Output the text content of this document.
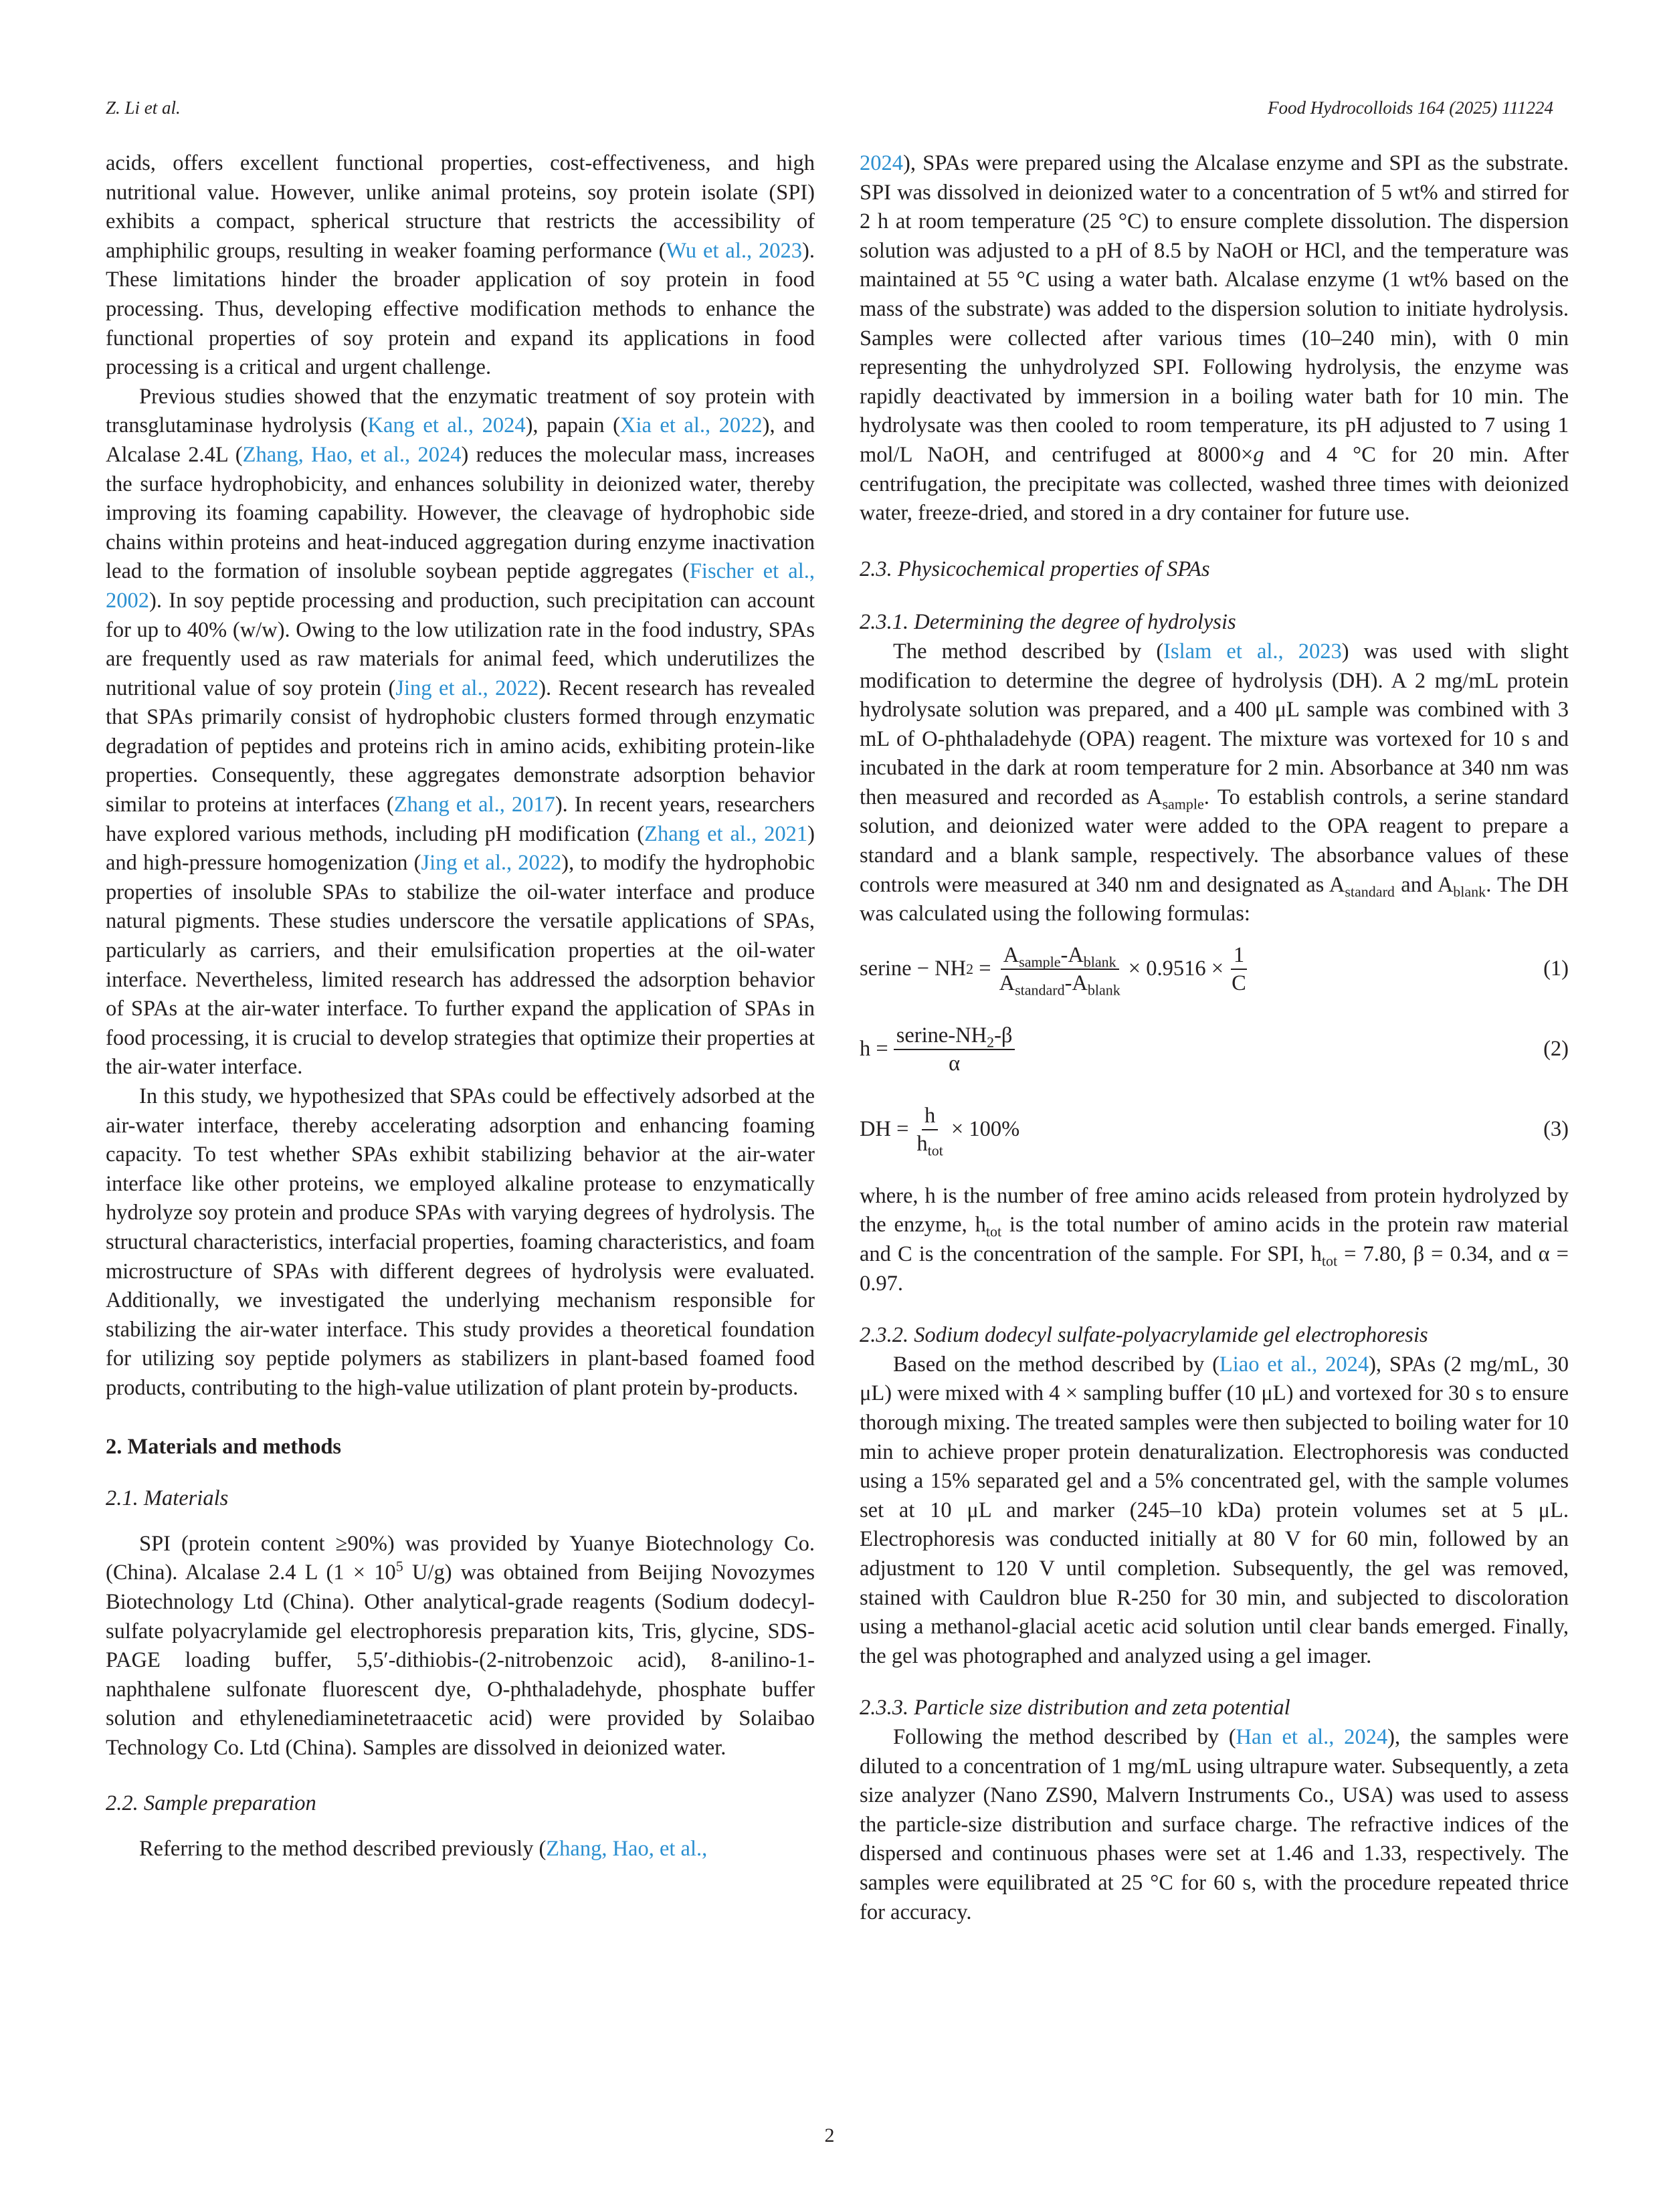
Z. Li et al.	Food Hydrocolloids 164 (2025) 111224

acids, offers excellent functional properties, cost-effectiveness, and high nutritional value. However, unlike animal proteins, soy protein isolate (SPI) exhibits a compact, spherical structure that restricts the accessibility of amphiphilic groups, resulting in weaker foaming performance (Wu et al., 2023). These limitations hinder the broader application of soy protein in food processing. Thus, developing effective modification methods to enhance the functional properties of soy protein and expand its applications in food processing is a critical and urgent challenge.

Previous studies showed that the enzymatic treatment of soy protein with transglutaminase hydrolysis (Kang et al., 2024), papain (Xia et al., 2022), and Alcalase 2.4L (Zhang, Hao, et al., 2024) reduces the molecular mass, increases the surface hydrophobicity, and enhances solubility in deionized water, thereby improving its foaming capability. However, the cleavage of hydrophobic side chains within proteins and heat-induced aggregation during enzyme inactivation lead to the formation of insoluble soybean peptide aggregates (Fischer et al., 2002). In soy peptide processing and production, such precipitation can account for up to 40% (w/w). Owing to the low utilization rate in the food industry, SPAs are frequently used as raw materials for animal feed, which underutilizes the nutritional value of soy protein (Jing et al., 2022). Recent research has revealed that SPAs primarily consist of hydrophobic clusters formed through enzymatic degradation of peptides and proteins rich in amino acids, exhibiting protein-like properties. Consequently, these aggregates demonstrate adsorption behavior similar to proteins at interfaces (Zhang et al., 2017). In recent years, researchers have explored various methods, including pH modification (Zhang et al., 2021) and high-pressure homogenization (Jing et al., 2022), to modify the hydrophobic properties of insoluble SPAs to stabilize the oil-water interface and produce natural pigments. These studies underscore the versatile applications of SPAs, particularly as carriers, and their emulsification properties at the oil-water interface. Nevertheless, limited research has addressed the adsorption behavior of SPAs at the air-water interface. To further expand the application of SPAs in food processing, it is crucial to develop strategies that optimize their properties at the air-water interface.

In this study, we hypothesized that SPAs could be effectively adsorbed at the air-water interface, thereby accelerating adsorption and enhancing foaming capacity. To test whether SPAs exhibit stabilizing behavior at the air-water interface like other proteins, we employed alkaline protease to enzymatically hydrolyze soy protein and produce SPAs with varying degrees of hydrolysis. The structural characteristics, interfacial properties, foaming characteristics, and foam microstructure of SPAs with different degrees of hydrolysis were evaluated. Additionally, we investigated the underlying mechanism responsible for stabilizing the air-water interface. This study provides a theoretical foundation for utilizing soy peptide polymers as stabilizers in plant-based foamed food products, contributing to the high-value utilization of plant protein by-products.

2. Materials and methods
2.1. Materials

SPI (protein content ≥90%) was provided by Yuanye Biotechnology Co. (China). Alcalase 2.4 L ($1 \times 10^5$ U/g) was obtained from Beijing Novozymes Biotechnology Ltd (China). Other analytical-grade reagents (Sodium dodecyl-sulfate polyacrylamide gel electrophoresis preparation kits, Tris, glycine, SDS-PAGE loading buffer, 5,5′-dithiobis-(2-nitrobenzoic acid), 8-anilino-1-naphthalene sulfonate fluorescent dye, O-phthaladehyde, phosphate buffer solution and ethylenediaminetetraacetic acid) were provided by Solaibao Technology Co. Ltd (China). Samples are dissolved in deionized water.

2.2. Sample preparation

Referring to the method described previously (Zhang, Hao, et al.,

2024), SPAs were prepared using the Alcalase enzyme and SPI as the substrate. SPI was dissolved in deionized water to a concentration of 5 wt% and stirred for 2 h at room temperature (25 °C) to ensure complete dissolution. The dispersion solution was adjusted to a pH of 8.5 by NaOH or HCl, and the temperature was maintained at 55 °C using a water bath. Alcalase enzyme (1 wt% based on the mass of the substrate) was added to the dispersion solution to initiate hydrolysis. Samples were collected after various times (10–240 min), with 0 min representing the unhydrolyzed SPI. Following hydrolysis, the enzyme was rapidly deactivated by immersion in a boiling water bath for 10 min. The hydrolysate was then cooled to room temperature, its pH adjusted to 7 using 1 mol/L NaOH, and centrifuged at 8000×g and 4 °C for 20 min. After centrifugation, the precipitate was collected, washed three times with deionized water, freeze-dried, and stored in a dry container for future use.

2.3. Physicochemical properties of SPAs
2.3.1. Determining the degree of hydrolysis

The method described by (Islam et al., 2023) was used with slight modification to determine the degree of hydrolysis (DH). A 2 mg/mL protein hydrolysate solution was prepared, and a 400 μL sample was combined with 3 mL of O-phthaladehyde (OPA) reagent. The mixture was vortexed for 10 s and incubated in the dark at room temperature for 2 min. Absorbance at 340 nm was then measured and recorded as $A_{sample}$. To establish controls, a serine standard solution, and deionized water were added to the OPA reagent to prepare a standard and a blank sample, respectively. The absorbance values of these controls were measured at 340 nm and designated as $A_{standard}$ and $A_{blank}$. The DH was calculated using the following formulas:

serine − NH $2 = \frac{A_{sample}-A_{blank}}{A_{standard}-A_{blank}} \times 0.9516 \times \frac{1}{C}$	(1)
$h = \frac{serine-NH_2-\beta}{\alpha}$	(2)
DH = $\frac{h}{h_{tot}} \times 100\%$	(3)

where, h is the number of free amino acids released from protein hydrolyzed by the enzyme, $h_{tot}$ is the total number of amino acids in the protein raw material and C is the concentration of the sample. For SPI, $h_{tot} = 7.80$, β = 0.34, and α = 0.97.

2.3.2. Sodium dodecyl sulfate-polyacrylamide gel electrophoresis

Based on the method described by (Liao et al., 2024), SPAs (2 mg/mL, 30 μL) were mixed with 4 × sampling buffer (10 μL) and vortexed for 30 s to ensure thorough mixing. The treated samples were then subjected to boiling water for 10 min to achieve proper protein denaturalization. Electrophoresis was conducted using a 15% separated gel and a 5% concentrated gel, with the sample volumes set at 10 μL and marker (245–10 kDa) protein volumes set at 5 μL. Electrophoresis was conducted initially at 80 V for 60 min, followed by an adjustment to 120 V until completion. Subsequently, the gel was removed, stained with Cauldron blue R-250 for 30 min, and subjected to discoloration using a methanol-glacial acetic acid solution until clear bands emerged. Finally, the gel was photographed and analyzed using a gel imager.

2.3.3. Particle size distribution and zeta potential

Following the method described by (Han et al., 2024), the samples were diluted to a concentration of 1 mg/mL using ultrapure water. Subsequently, a zeta size analyzer (Nano ZS90, Malvern Instruments Co., USA) was used to assess the particle-size distribution and surface charge. The refractive indices of the dispersed and continuous phases were set at 1.46 and 1.33, respectively. The samples were equilibrated at 25 °C for 60 s, with the procedure repeated thrice for accuracy.

2
